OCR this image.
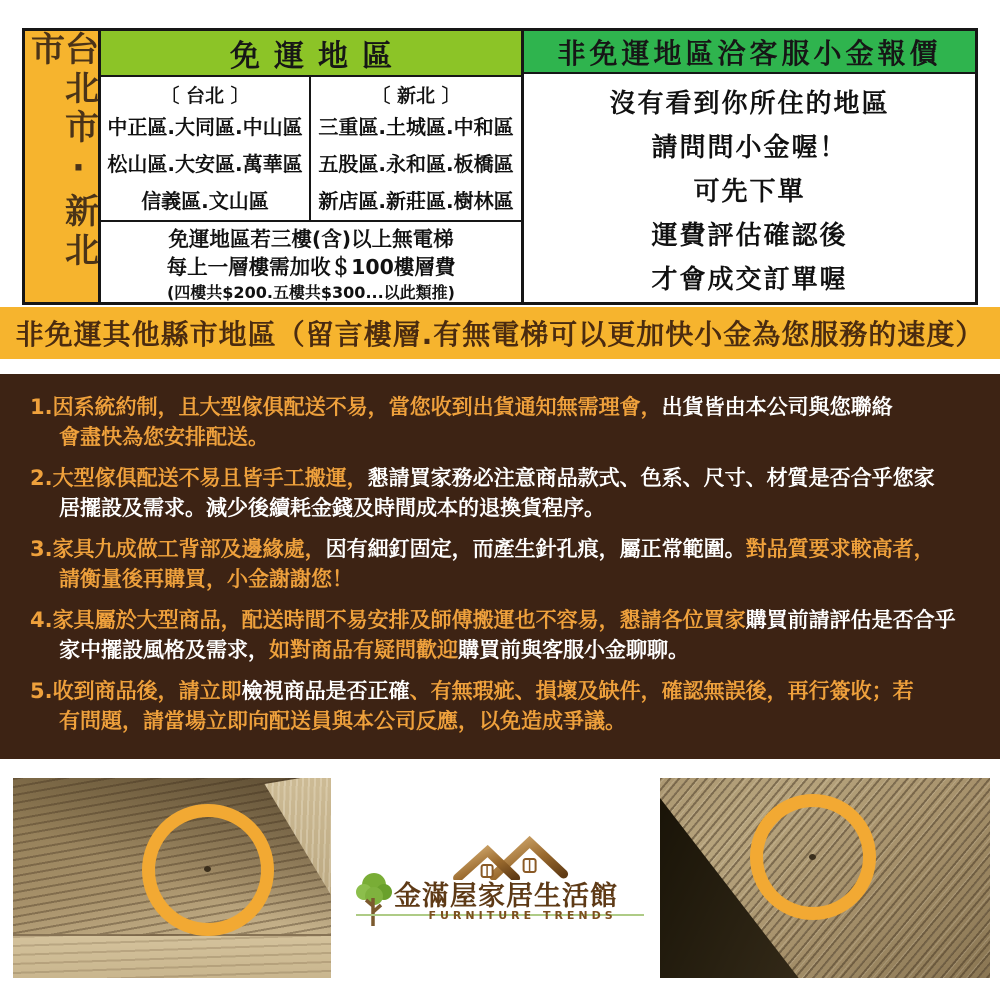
台北市·新北市	免運地區
〔 台北 〕
中正區.大同區.中山區
松山區.大安區.萬華區
信義區.文山區
〔 新北 〕
三重區.土城區.中和區
五股區.永和區.板橋區
新店區.新莊區.樹林區
免運地區若三樓(含)以上無電梯
每上一層樓需加收＄100樓層費
(四樓共$200.五樓共$300...以此類推)
非免運地區洽客服小金報價
沒有看到你所住的地區
請問問小金喔！
可先下單
運費評估確認後
才會成交訂單喔
非免運其他縣市地區（留言樓層.有無電梯可以更加快小金為您服務的速度）
1.因系統約制，且大型傢俱配送不易，當您收到出貨通知無需理會，出貨皆由本公司與您聯絡
會盡快為您安排配送。
2.大型傢俱配送不易且皆手工搬運，懇請買家務必注意商品款式、色系、尺寸、材質是否合乎您家
居擺設及需求。減少後續耗金錢及時間成本的退換貨程序。
3.家具九成做工背部及邊緣處，因有細釘固定，而產生針孔痕，屬正常範圍。對品質要求較高者，
請衡量後再購買，小金謝謝您！
4.家具屬於大型商品，配送時間不易安排及師傅搬運也不容易，懇請各位買家購買前請評估是否合乎
家中擺設風格及需求，如對商品有疑問歡迎購買前與客服小金聊聊。
5.收到商品後，請立即檢視商品是否正確、有無瑕疵、損壞及缺件，確認無誤後，再行簽收；若
有問題，請當場立即向配送員與本公司反應，以免造成爭議。
金滿屋家居生活館
FURNITURE TRENDS
